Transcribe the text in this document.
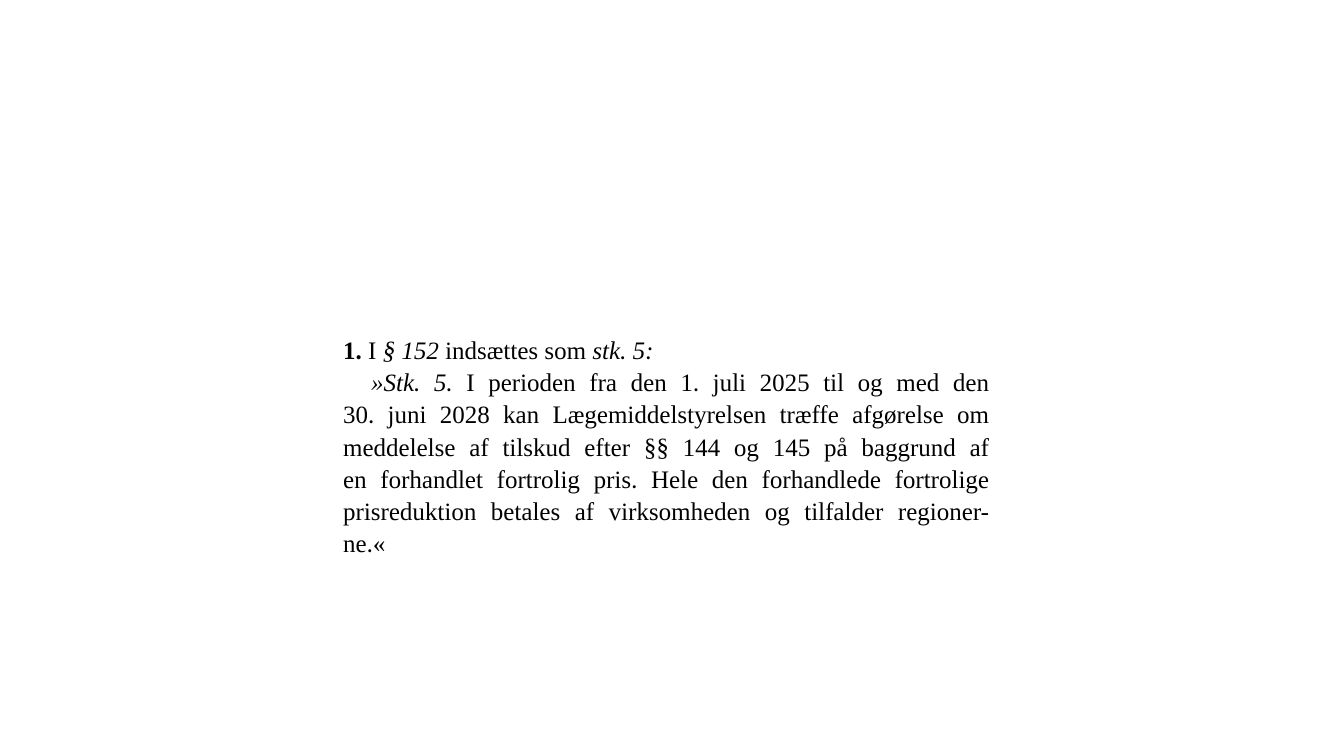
1. I § 152 indsættes som stk. 5:
»Stk. 5. I perioden fra den 1. juli 2025 til og med den
30. juni 2028 kan Lægemiddelstyrelsen træffe afgørelse om
meddelelse af tilskud efter §§ 144 og 145 på baggrund af
en forhandlet fortrolig pris. Hele den forhandlede fortrolige
prisreduktion betales af virksomheden og tilfalder regioner-
ne.«
